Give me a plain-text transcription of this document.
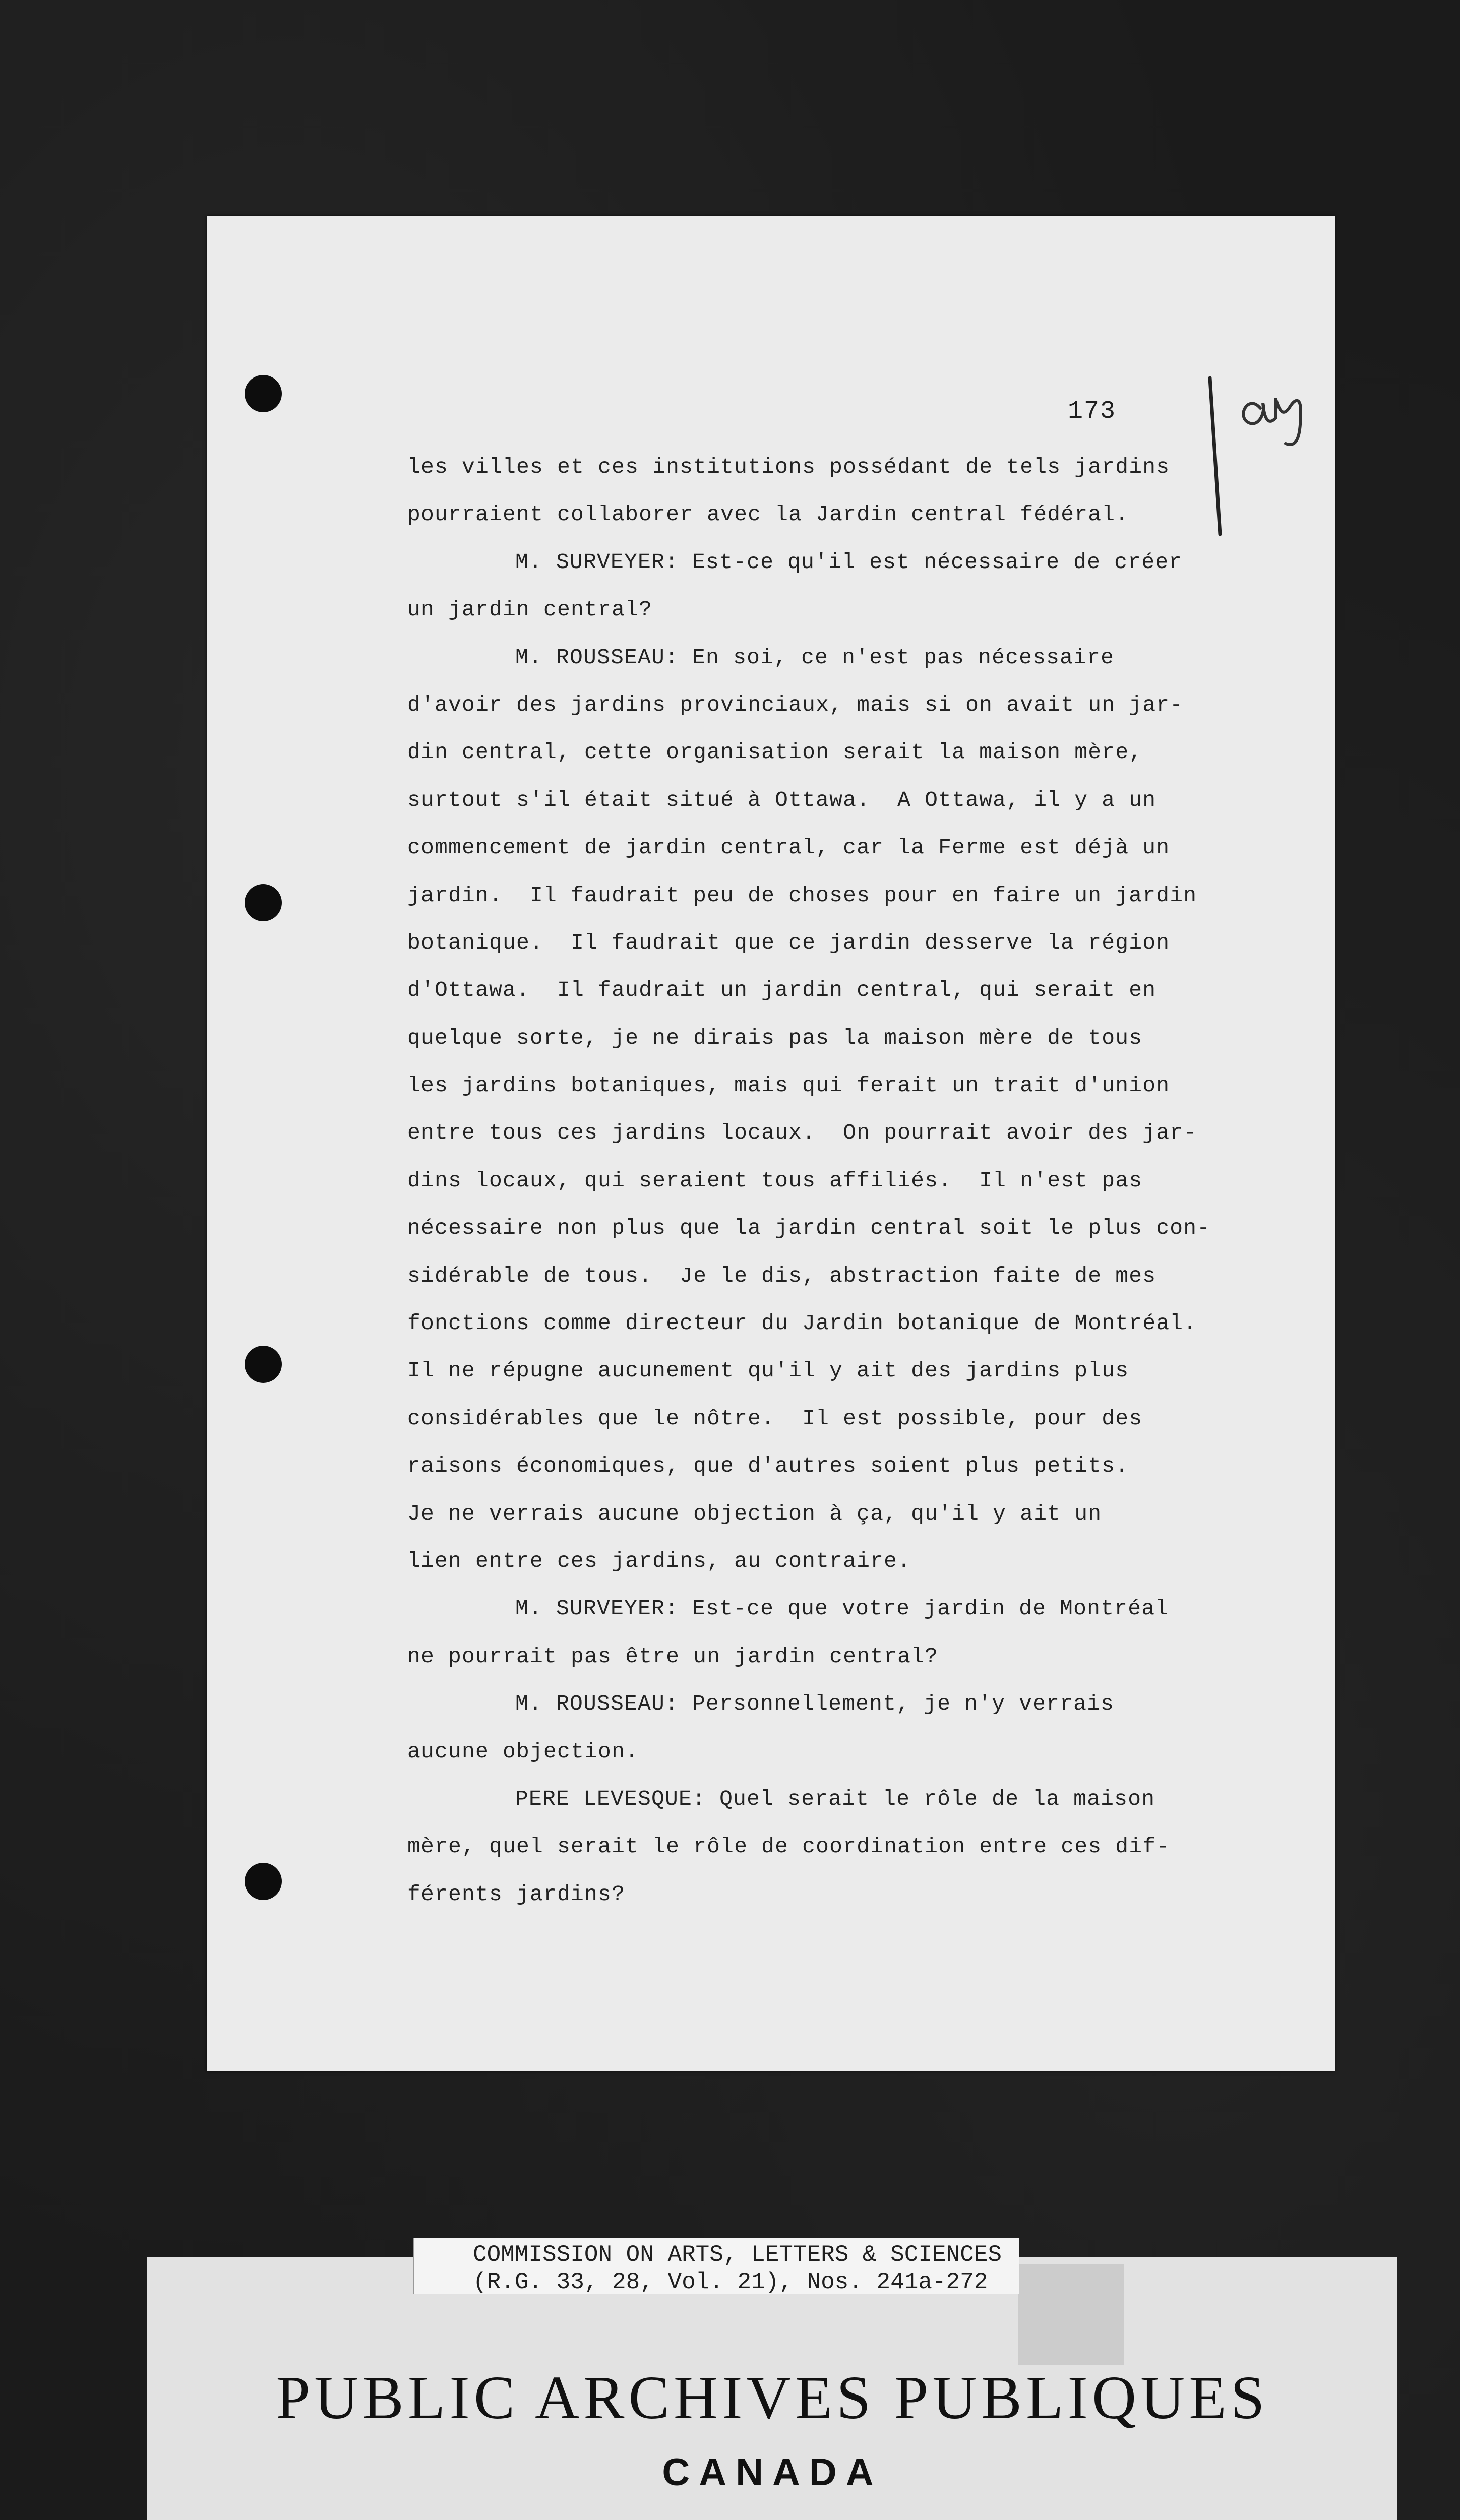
173
les villes et ces institutions possédant de tels jardins
pourraient collaborer avec la Jardin central fédéral.
M. SURVEYER: Est-ce qu'il est nécessaire de créer
un jardin central?
M. ROUSSEAU: En soi, ce n'est pas nécessaire
d'avoir des jardins provinciaux, mais si on avait un jar-
din central, cette organisation serait la maison mère,
surtout s'il était situé à Ottawa.  A Ottawa, il y a un
commencement de jardin central, car la Ferme est déjà un
jardin.  Il faudrait peu de choses pour en faire un jardin
botanique.  Il faudrait que ce jardin desserve la région
d'Ottawa.  Il faudrait un jardin central, qui serait en
quelque sorte, je ne dirais pas la maison mère de tous
les jardins botaniques, mais qui ferait un trait d'union
entre tous ces jardins locaux.  On pourrait avoir des jar-
dins locaux, qui seraient tous affiliés.  Il n'est pas
nécessaire non plus que la jardin central soit le plus con-
sidérable de tous.  Je le dis, abstraction faite de mes
fonctions comme directeur du Jardin botanique de Montréal.
Il ne répugne aucunement qu'il y ait des jardins plus
considérables que le nôtre.  Il est possible, pour des
raisons économiques, que d'autres soient plus petits.
Je ne verrais aucune objection à ça, qu'il y ait un
lien entre ces jardins, au contraire.
M. SURVEYER: Est-ce que votre jardin de Montréal
ne pourrait pas être un jardin central?
M. ROUSSEAU: Personnellement, je n'y verrais
aucune objection.
PERE LEVESQUE: Quel serait le rôle de la maison
mère, quel serait le rôle de coordination entre ces dif-
férents jardins?
COMMISSION ON ARTS, LETTERS & SCIENCES
(R.G. 33, 28, Vol. 21), Nos. 241a-272
PUBLIC ARCHIVES PUBLIQUES
CANADA
